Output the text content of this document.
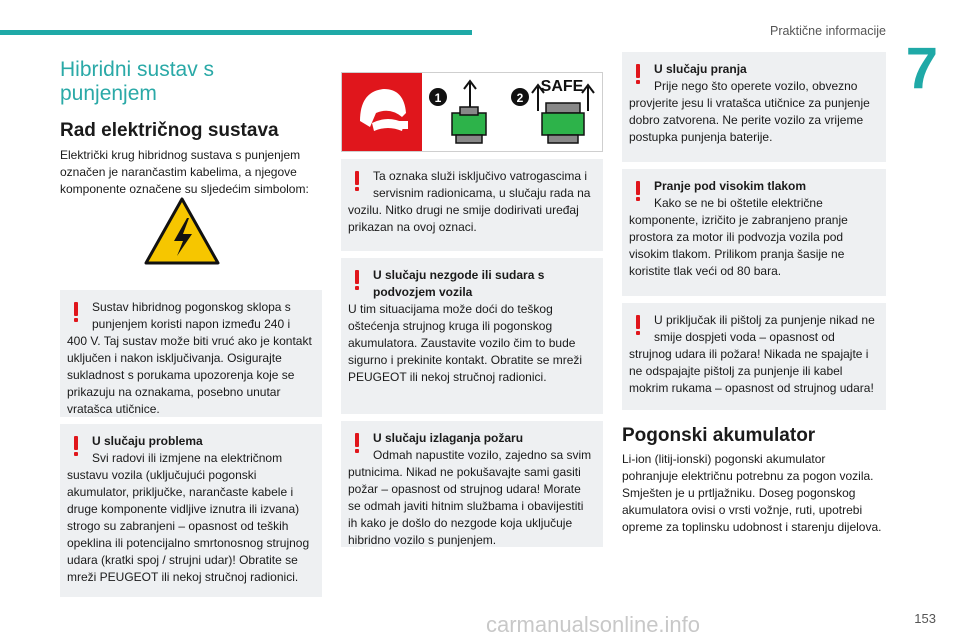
Praktične informacije
7
Hibridni sustav s punjenjem
Rad električnog sustava

Električki krug hibridnog sustava s punjenjem označen je narančastim kabelima, a njegove komponente označene su sljedećim simbolom:

Sustav hibridnog pogonskog sklopa s punjenjem koristi napon između 240 i
400 V. Taj sustav može biti vruć ako je kontakt uključen i nakon isključivanja. Osigurajte sukladnost s porukama upozorenja koje se prikazuju na oznakama, posebno unutar vratašca utičnice.
U slučaju problema
Svi radovi ili izmjene na električnom
sustavu vozila (uključujući pogonski akumulator, priključke, narančaste kabele i druge komponente vidljive iznutra ili izvana) strogo su zabranjeni – opasnost od teških opeklina ili potencijalno smrtonosnog strujnog udara (kratki spoj / strujni udar)! Obratite se mreži PEUGEOT ili nekoj stručnoj radionici.
1	2
SAFE
Ta oznaka služi isključivo vatrogascima i servisnim radionicama, u slučaju rada na
vozilu. Nitko drugi ne smije dodirivati uređaj prikazan na ovoj oznaci.
U slučaju nezgode ili sudara s podvozjem vozila
U tim situacijama može doći do teškog oštećenja strujnog kruga ili pogonskog akumulatora. Zaustavite vozilo čim to bude sigurno i prekinite kontakt. Obratite se mreži PEUGEOT ili nekoj stručnoj radionici.
U slučaju izlaganja požaru
Odmah napustite vozilo, zajedno sa svim
putnicima. Nikad ne pokušavajte sami gasiti požar – opasnost od strujnog udara! Morate se odmah javiti hitnim službama i obavijestiti ih kako je došlo do nezgode koja uključuje hibridno vozilo s punjenjem.
U slučaju pranja
Prije nego što operete vozilo, obvezno
provjerite jesu li vratašca utičnice za punjenje dobro zatvorena. Ne perite vozilo za vrijeme postupka punjenja baterije.
Pranje pod visokim tlakom
Kako se ne bi oštetile električne
komponente, izričito je zabranjeno pranje prostora za motor ili podvozja vozila pod visokim tlakom. Prilikom pranja šasije ne koristite tlak veći od 80 bara.
U priključak ili pištolj za punjenje nikad ne smije dospjeti voda – opasnost od
strujnog udara ili požara! Nikada ne spajajte i ne odspajajte pištolj za punjenje ili kabel mokrim rukama – opasnost od strujnog udara!
Pogonski akumulator

Li-ion (litij-ionski) pogonski akumulator pohranjuje električnu potrebnu za pogon vozila. Smješten je u prtljažniku. Doseg pogonskog akumulatora ovisi o vrsti vožnje, ruti, upotrebi opreme za toplinsku udobnost i starenju dijelova.

153
carmanualsonline.info
